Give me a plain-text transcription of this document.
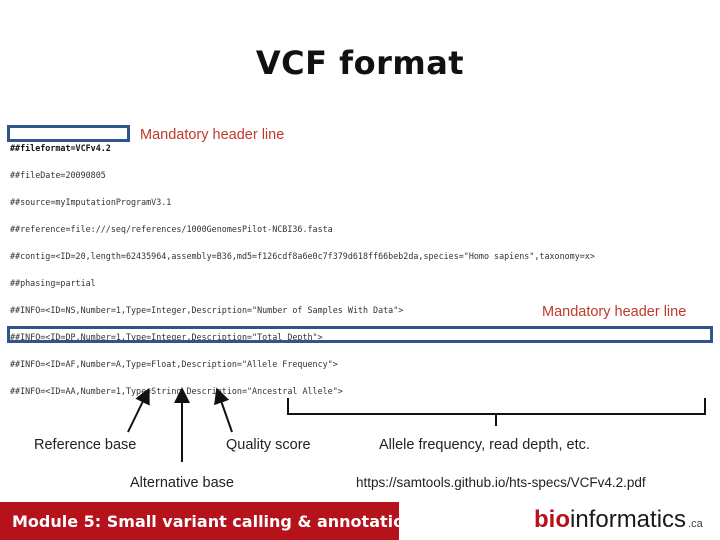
VCF format

##fileformat=VCFv4.2

##fileDate=20090805

##source=myImputationProgramV3.1

##reference=file:///seq/references/1000GenomesPilot-NCBI36.fasta

##contig=<ID=20,length=62435964,assembly=B36,md5=f126cdf8a6e0c7f379d618ff66beb2da,species="Homo sapiens",taxonomy=x>

##phasing=partial

##INFO=<ID=NS,Number=1,Type=Integer,Description="Number of Samples With Data">

##INFO=<ID=DP,Number=1,Type=Integer,Description="Total Depth">

##INFO=<ID=AF,Number=A,Type=Float,Description="Allele Frequency">

##INFO=<ID=AA,Number=1,Type=String,Description="Ancestral Allele">

Mandatory header line
Mandatory header line
Reference base	Quality score	Allele frequency, read depth, etc.
Alternative base	https://samtools.github.io/hts-specs/VCFv4.2.pdf
Module 5: Small variant calling & annotation	bioinformatics .ca
